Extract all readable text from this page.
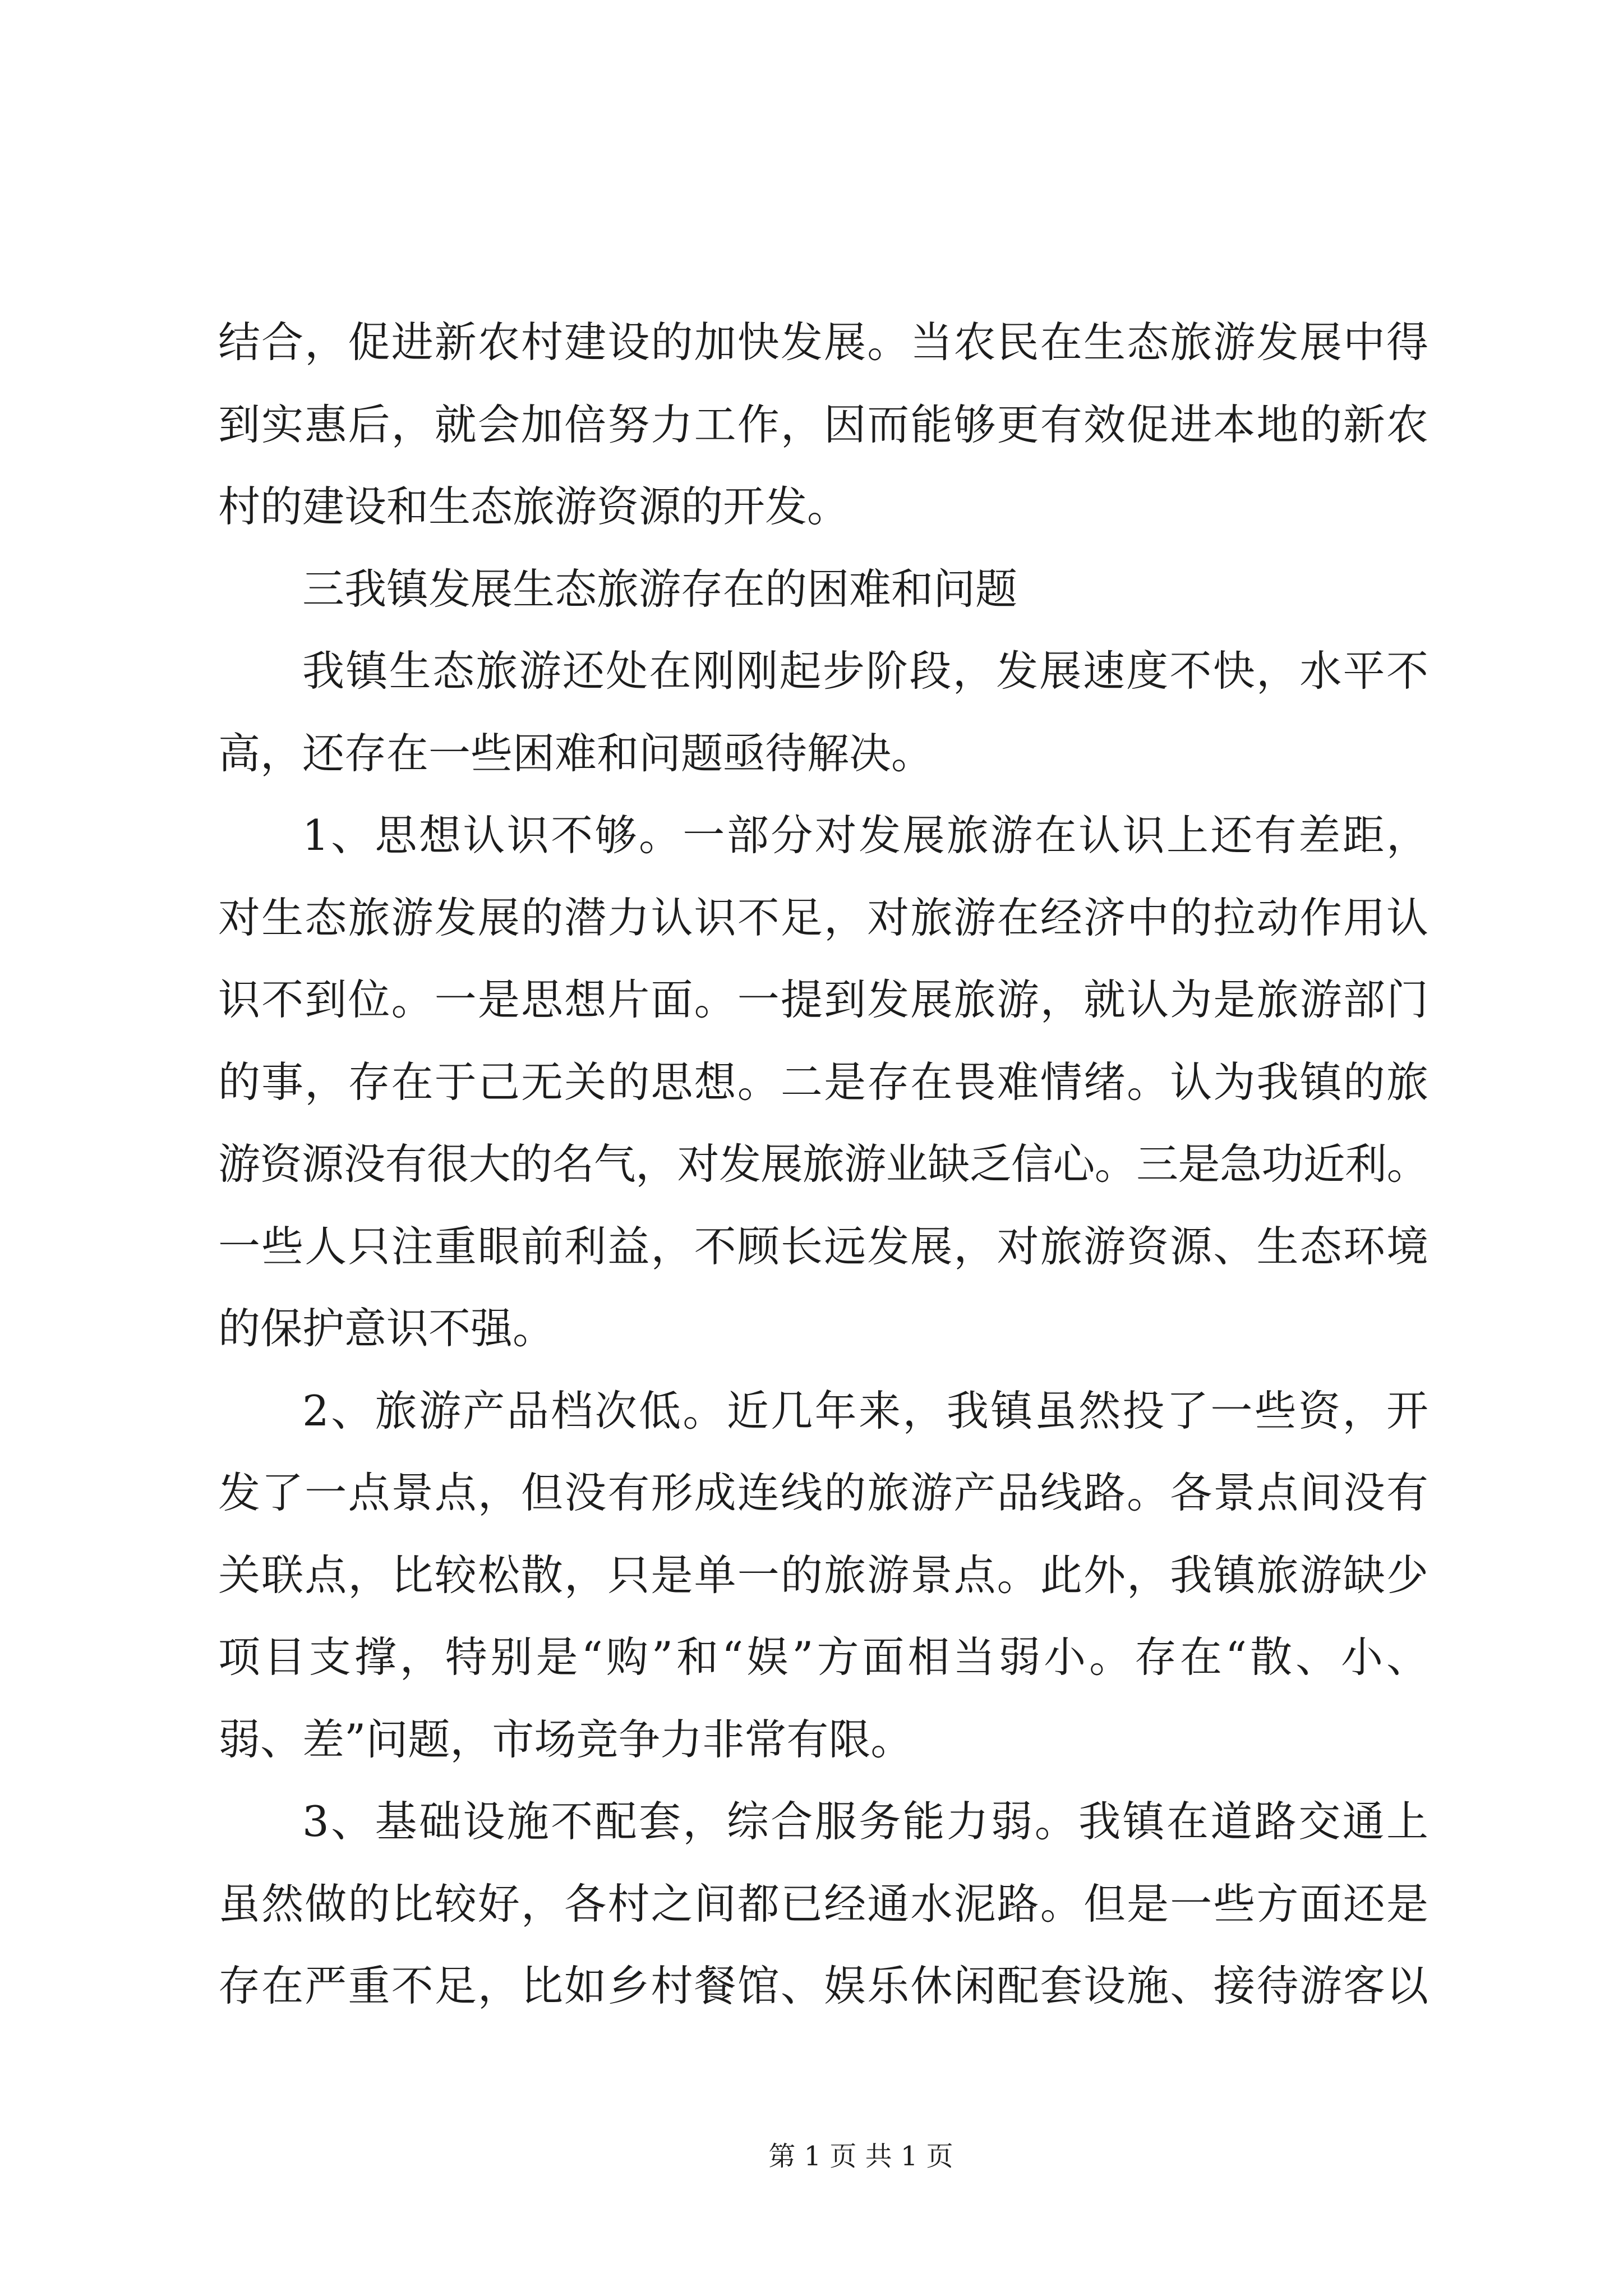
结合，促进新农村建设的加快发展。当农民在生态旅游发展中得
到实惠后，就会加倍努力工作，因而能够更有效促进本地的新农
村的建设和生态旅游资源的开发。
三我镇发展生态旅游存在的困难和问题
我镇生态旅游还处在刚刚起步阶段，发展速度不快，水平不
高，还存在一些困难和问题亟待解决。
1、思想认识不够。一部分对发展旅游在认识上还有差距，
对生态旅游发展的潜力认识不足，对旅游在经济中的拉动作用认
识不到位。一是思想片面。一提到发展旅游，就认为是旅游部门
的事，存在于己无关的思想。二是存在畏难情绪。认为我镇的旅
游资源没有很大的名气，对发展旅游业缺乏信心。三是急功近利。
一些人只注重眼前利益，不顾长远发展，对旅游资源、生态环境
的保护意识不强。
2、旅游产品档次低。近几年来，我镇虽然投了一些资，开
发了一点景点，但没有形成连线的旅游产品线路。各景点间没有
关联点，比较松散，只是单一的旅游景点。此外，我镇旅游缺少
项目支撑，特别是“购”和“娱”方面相当弱小。存在“散、小、
弱、差”问题，市场竞争力非常有限。
3、基础设施不配套，综合服务能力弱。我镇在道路交通上
虽然做的比较好，各村之间都已经通水泥路。但是一些方面还是
存在严重不足，比如乡村餐馆、娱乐休闲配套设施、接待游客以
第 1 页 共 1 页
